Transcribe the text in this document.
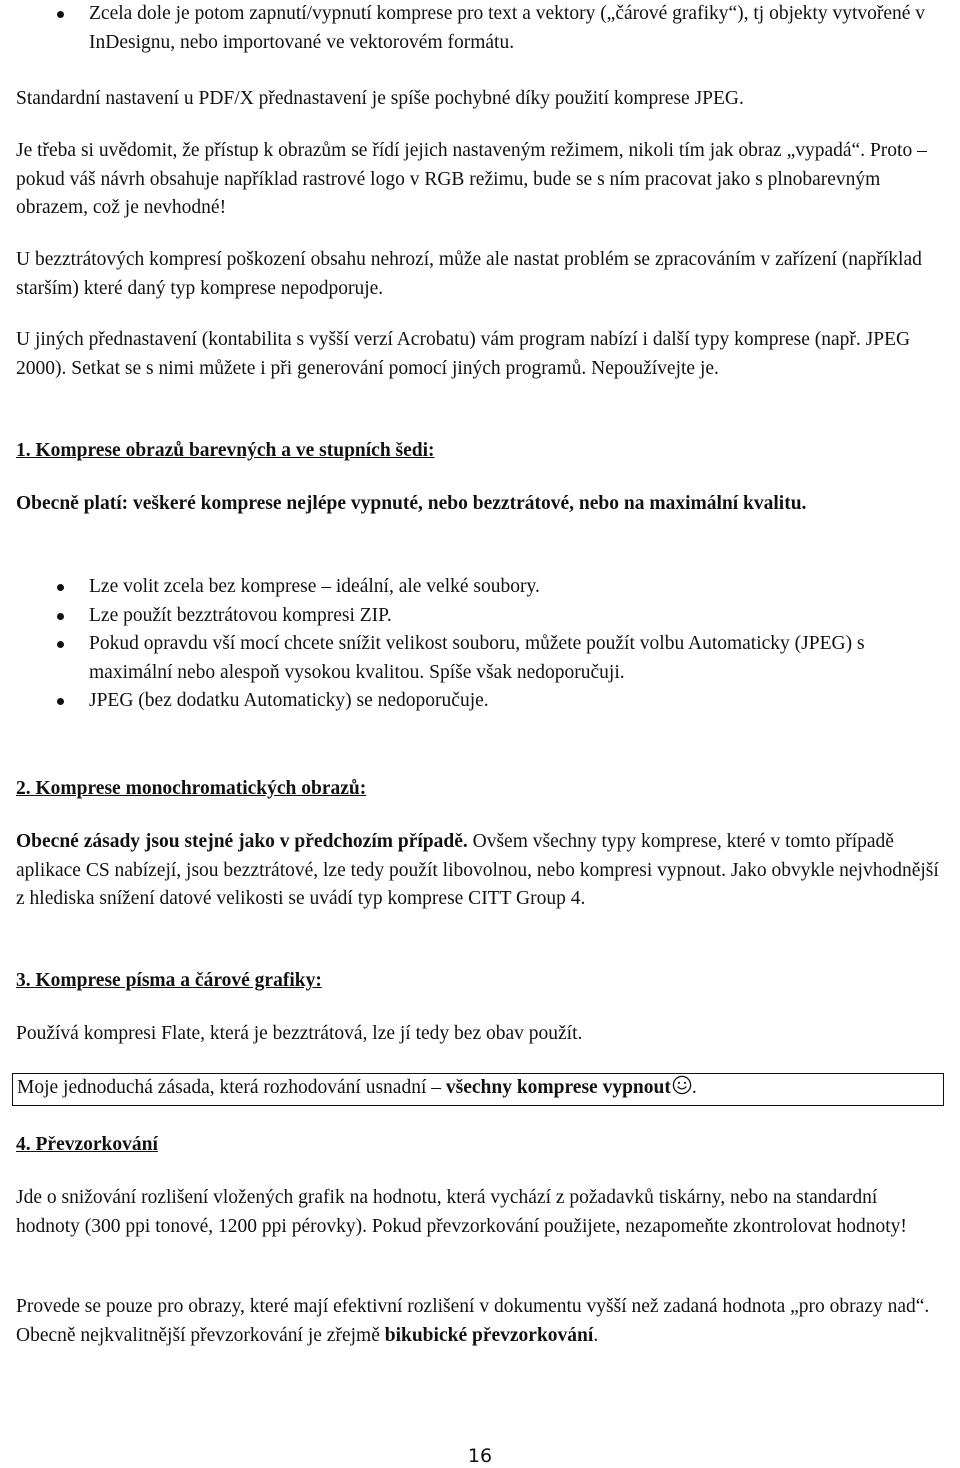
Zcela dole je potom zapnutí/vypnutí komprese pro text a vektory („čárové grafiky“), tj objekty vytvořené v InDesignu, nebo importované ve vektorovém formátu.

Standardní nastavení u PDF/X přednastavení je spíše pochybné díky použití komprese JPEG.

Je třeba si uvědomit, že přístup k obrazům se řídí jejich nastaveným režimem, nikoli tím jak obraz „vypadá“. Proto – pokud váš návrh obsahuje například rastrové logo v RGB režimu, bude se s ním pracovat jako s plnobarevným obrazem, což je nevhodné!

U bezztrátových kompresí poškození obsahu nehrozí, může ale nastat problém se zpracováním v zařízení (například starším) které daný typ komprese nepodporuje.

U jiných přednastavení (kontabilita s vyšší verzí Acrobatu) vám program nabízí i další typy komprese (např. JPEG 2000). Setkat se s nimi můžete i při generování pomocí jiných programů. Nepoužívejte je.

1. Komprese obrazů barevných a ve stupních šedi:

Obecně platí: veškeré komprese nejlépe vypnuté, nebo bezztrátové, nebo na maximální kvalitu.

Lze volit zcela bez komprese – ideální, ale velké soubory.
Lze použít bezztrátovou kompresi ZIP.
Pokud opravdu vší mocí chcete snížit velikost souboru, můžete použít volbu Automaticky (JPEG) s maximální nebo alespoň vysokou kvalitou. Spíše však nedoporučuji.
JPEG (bez dodatku Automaticky) se nedoporučuje.

2. Komprese monochromatických obrazů:

Obecné zásady jsou stejné jako v předchozím případě. Ovšem všechny typy komprese, které v tomto případě aplikace CS nabízejí, jsou bezztrátové, lze tedy použít libovolnou, nebo kompresi vypnout. Jako obvykle nejvhodnější z hlediska snížení datové velikosti se uvádí typ komprese CITT Group 4.

3. Komprese písma a čárové grafiky:

Používá kompresi Flate, která je bezztrátová, lze jí tedy bez obav použít.

Moje jednoduchá zásada, která rozhodování usnadní – všechny komprese vypnout .

4. Převzorkování

Jde o snižování rozlišení vložených grafik na hodnotu, která vychází z požadavků tiskárny, nebo na standardní hodnoty (300 ppi tonové, 1200 ppi pérovky). Pokud převzorkování použijete, nezapomeňte zkontrolovat hodnoty!

Provede se pouze pro obrazy, které mají efektivní rozlišení v dokumentu vyšší než zadaná hodnota „pro obrazy nad“. Obecně nejkvalitnější převzorkování je zřejmě bikubické převzorkování.

16
